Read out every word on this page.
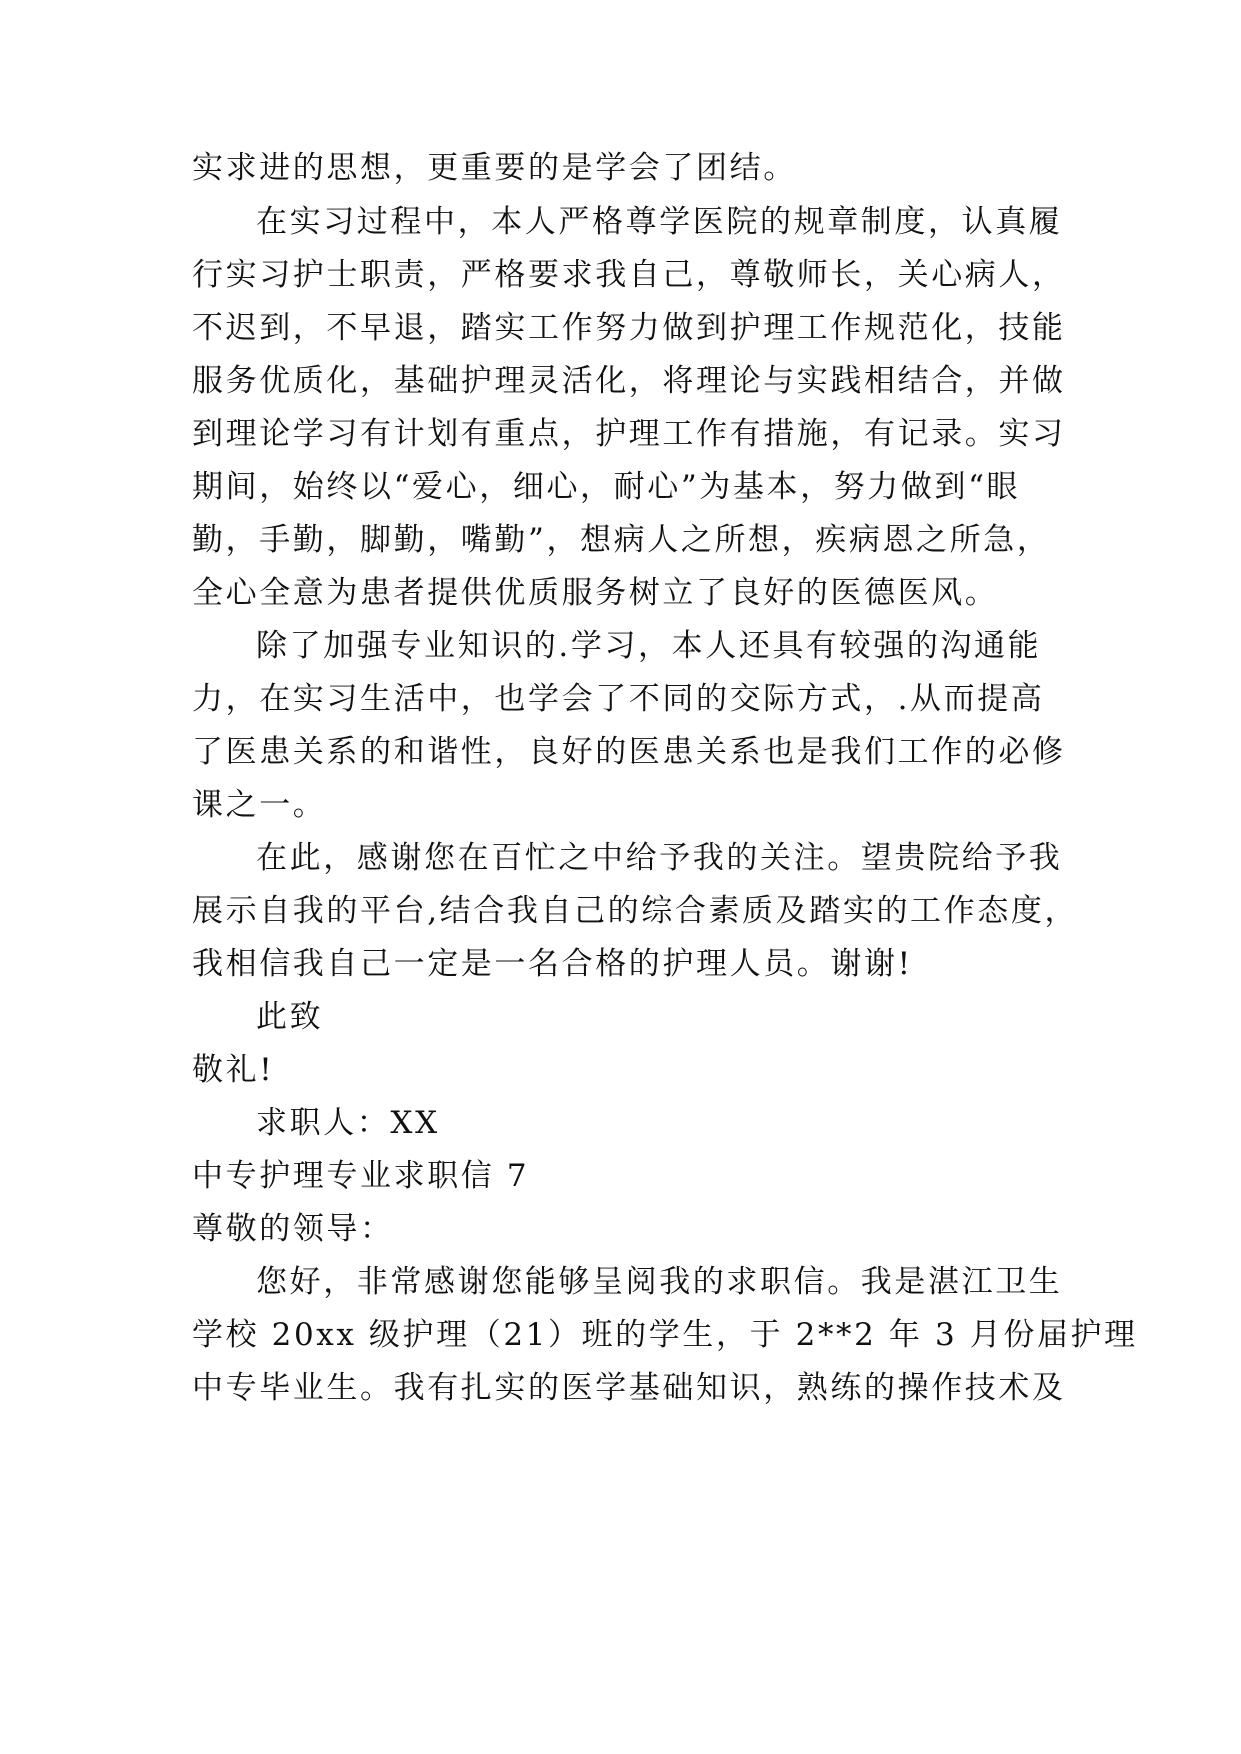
实求进的思想，更重要的是学会了团结。
在实习过程中，本人严格尊学医院的规章制度，认真履
行实习护士职责，严格要求我自己，尊敬师长，关心病人，
不迟到，不早退，踏实工作努力做到护理工作规范化，技能
服务优质化，基础护理灵活化，将理论与实践相结合，并做
到理论学习有计划有重点，护理工作有措施，有记录。实习
期间，始终以“爱心，细心，耐心”为基本，努力做到“眼
勤，手勤，脚勤，嘴勤”，想病人之所想，疾病恩之所急，
全心全意为患者提供优质服务树立了良好的医德医风。
除了加强专业知识的.学习，本人还具有较强的沟通能
力，在实习生活中，也学会了不同的交际方式，.从而提高
了医患关系的和谐性，良好的医患关系也是我们工作的必修
课之一。
在此，感谢您在百忙之中给予我的关注。望贵院给予我
展示自我的平台,结合我自己的综合素质及踏实的工作态度，
我相信我自己一定是一名合格的护理人员。谢谢!
此致
敬礼!
求职人：XX
中专护理专业求职信 7
尊敬的领导：
您好，非常感谢您能够呈阅我的求职信。我是湛江卫生
学校 20xx 级护理（21）班的学生，于 2**2 年 3 月份届护理
中专毕业生。我有扎实的医学基础知识，熟练的操作技术及
